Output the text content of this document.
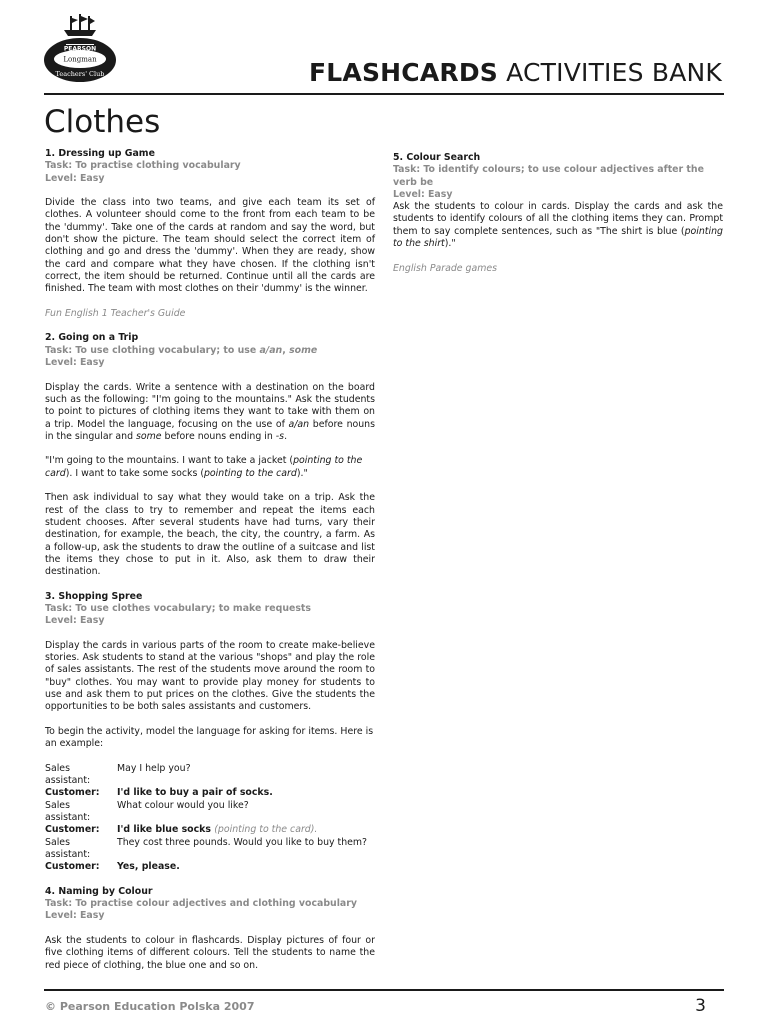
PEARSON
Longman
Teachers' Club	FLASHCARDS ACTIVITIES BANK
Clothes
1. Dressing up Game
Task: To practise clothing vocabulary
Level: Easy

Divide the class into two teams, and give each team its set of clothes. A volunteer should come to the front from each team to be the 'dummy'. Take one of the cards at random and say the word, but don't show the picture. The team should select the correct item of clothing and go and dress the 'dummy'. When they are ready, show the card and compare what they have chosen. If the clothing isn't correct, the item should be returned. Continue until all the cards are finished. The team with most clothes on their 'dummy' is the winner.

Fun English 1 Teacher's Guide

2. Going on a Trip
Task: To use clothing vocabulary; to use a/an, some
Level: Easy

Display the cards. Write a sentence with a destination on the board such as the following: "I'm going to the mountains." Ask the students to point to pictures of clothing items they want to take with them on a trip. Model the language, focusing on the use of a/an before nouns in the singular and some before nouns ending in -s.

"I'm going to the mountains. I want to take a jacket (pointing to the card). I want to take some socks (pointing to the card)."

Then ask individual to say what they would take on a trip. Ask the rest of the class to try to remember and repeat the items each student chooses. After several students have had turns, vary their destination, for example, the beach, the city, the country, a farm. As a follow-up, ask the students to draw the outline of a suitcase and list the items they chose to put in it. Also, ask them to draw their destination.

3. Shopping Spree
Task: To use clothes vocabulary; to make requests
Level: Easy

Display the cards in various parts of the room to create make-believe stories. Ask students to stand at the various "shops" and play the role of sales assistants. The rest of the students move around the room to "buy" clothes. You may want to provide play money for students to use and ask them to put prices on the clothes. Give the students the opportunities to be both sales assistants and customers.

To begin the activity, model the language for asking for items. Here is an example:

Sales assistant:
May I help you?
Customer:	I'd like to buy a pair of socks.
Sales assistant:
What colour would you like?
Customer:	I'd like blue socks (pointing to the card).
Sales assistant:
They cost three pounds. Would you like to buy them?
Customer:	Yes, please.
4. Naming by Colour
Task: To practise colour adjectives and clothing vocabulary
Level: Easy

Ask the students to colour in flashcards. Display pictures of four or five clothing items of different colours. Tell the students to name the red piece of clothing, the blue one and so on.

5. Colour Search
Task: To identify colours; to use colour adjectives after the verb be
Level: Easy

Ask the students to colour in cards. Display the cards and ask the students to identify colours of all the clothing items they can. Prompt them to say complete sentences, such as "The shirt is blue (pointing to the shirt)."

English Parade games

© Pearson Education Polska 2007	3
